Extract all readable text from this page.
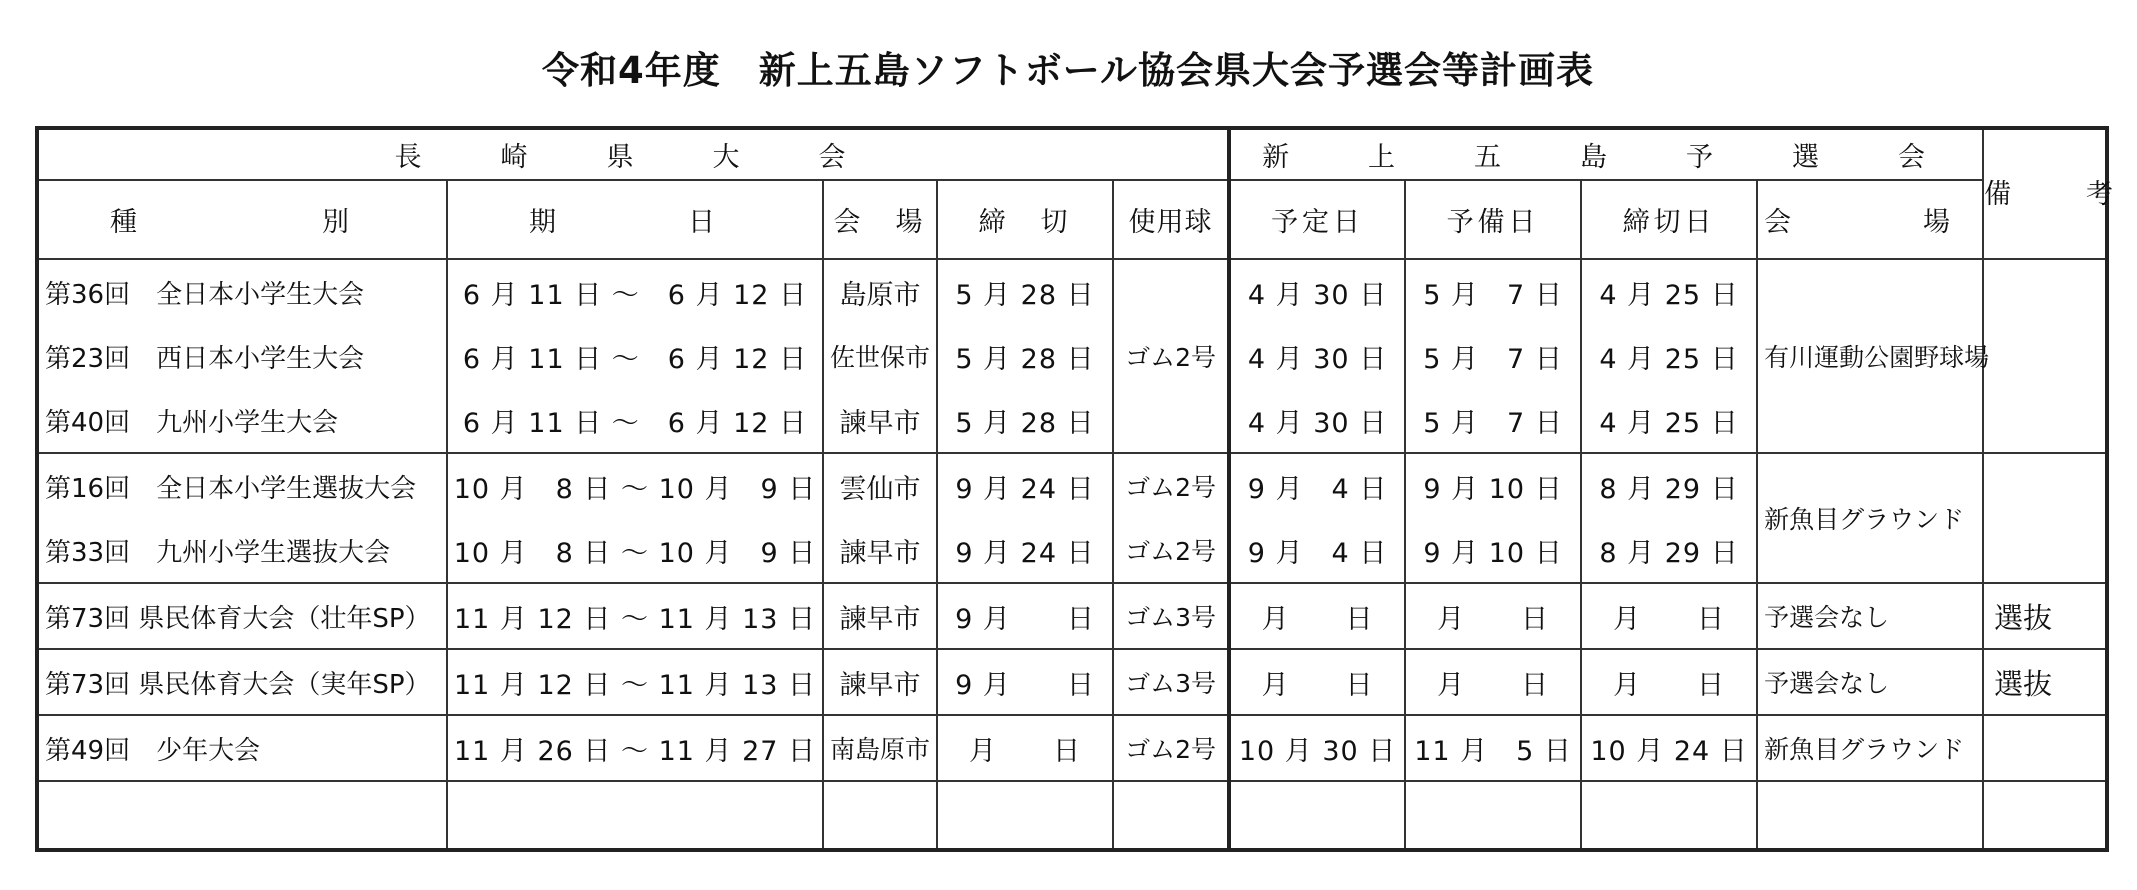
令和4年度　新上五島ソフトボール協会県大会予選会等計画表
長　崎　県　大　会					新　上　五　島　予　選　会				備　考
種　　　別	期　　日	会　場	締　切	使用球	予定日	予備日	締切日	会　　場	
第36回　全日本小学生大会	6 月 11 日 ～　6 月 12 日	島原市	5 月 28 日	ゴム2号	4 月 30 日	5 月　7 日	4 月 25 日	有川運動公園野球場	
第23回　西日本小学生大会	6 月 11 日 ～　6 月 12 日	佐世保市	5 月 28 日		4 月 30 日	5 月　7 日	4 月 25 日		
第40回　九州小学生大会	6 月 11 日 ～　6 月 12 日	諫早市	5 月 28 日		4 月 30 日	5 月　7 日	4 月 25 日		
第16回　全日本小学生選抜大会	10 月　8 日 ～ 10 月　9 日	雲仙市	9 月 24 日	ゴム2号	9 月　4 日	9 月 10 日	8 月 29 日	新魚目グラウンド	
第33回　九州小学生選抜大会	10 月　8 日 ～ 10 月　9 日	諫早市	9 月 24 日	ゴム2号	9 月　4 日	9 月 10 日	8 月 29 日		
第73回 県民体育大会（壮年SP）	11 月 12 日 ～ 11 月 13 日	諫早市	9 月　　日	ゴム3号	月　　日	月　　日	月　　日	予選会なし	選抜
第73回 県民体育大会（実年SP）	11 月 12 日 ～ 11 月 13 日	諫早市	9 月　　日	ゴム3号	月　　日	月　　日	月　　日	予選会なし	選抜
第49回　少年大会	11 月 26 日 ～ 11 月 27 日	南島原市	月　　日	ゴム2号	10 月 30 日	11 月　5 日	10 月 24 日	新魚目グラウンド	
